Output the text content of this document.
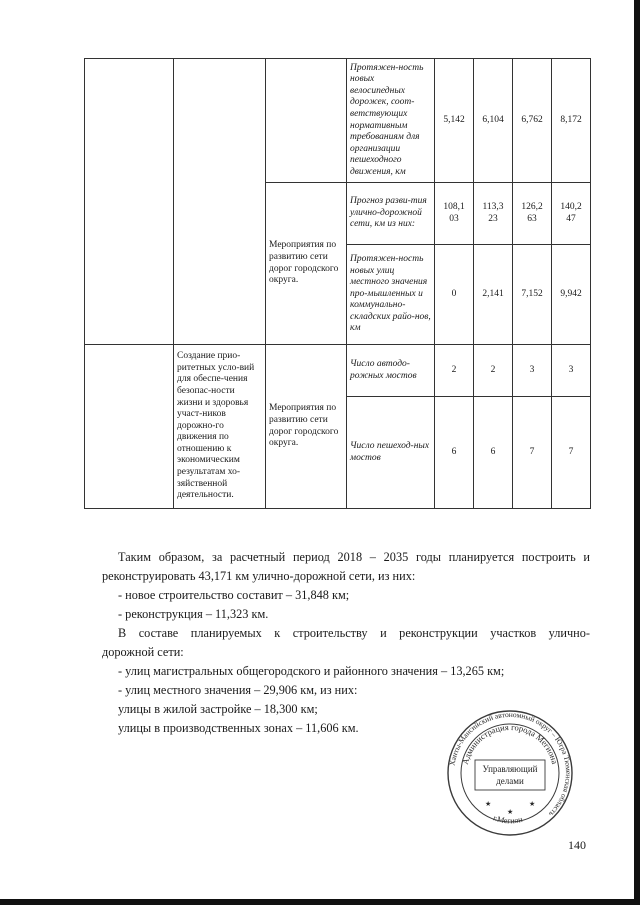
			Протяжен-ность новых велосипедных дорожек, соот-ветствующих нормативным требованиям для организации пешеходного движения, км	5,142	6,104	6,762	8,172
		Мероприятия по развитию сети дорог городского округа.	Прогноз разви-тия улично-дорожной сети, км из них:	108,1 03	113,3 23	126,2 63	140,2 47
			Протяжен-ность новых улиц местного значения про-мышленных и коммунально-складских райо-нов, км	0	2,141	7,152	9,942
	Создание прио-ритетных усло-вий для обеспе-чения безопас-ности жизни и здоровья участ-ников дорожно-го движения по отношению к экономическим результатам хо-зяйственной деятельности.	Мероприятия по развитию сети дорог городского округа.	Число автодо-рожных мостов	2	2	3	3
			Число пешеход-ных мостов	6	6	7	7

Таким образом, за расчетный период 2018 – 2035 годы планируется построить и

реконструировать 43,171 км улично-дорожной сети, из них:

- новое строительство составит – 31,848 км;

- реконструкция – 11,323 км.

В составе планируемых к строительству и реконструкции участков улично-

дорожной сети:

- улиц магистральных общегородского и районного значения – 13,265 км;

- улиц местного значения – 29,906 км, из них:

улицы в жилой застройке – 18,300 км;

улицы в производственных зонах – 11,606 км.

Ханты-Мансийский автономный округ – Югра Тюменская область
Администрация города Мегиона
Управляющий делами
г.Мегион
★	★
★
140
